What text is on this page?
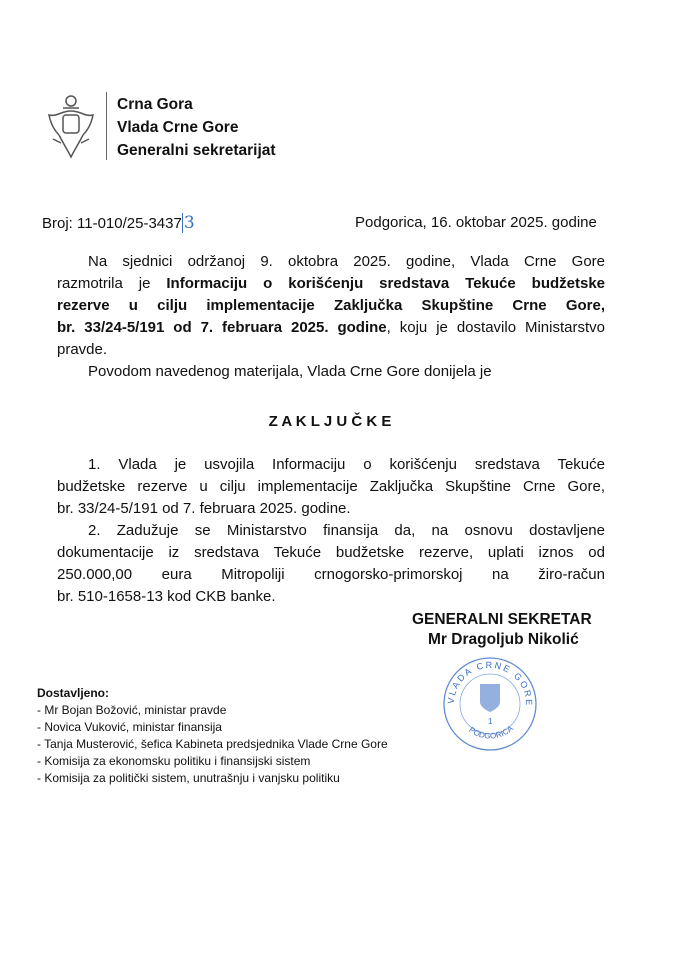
Crna Gora
Vlada Crne Gore
Generalni sekretarijat
Broj: 11-010/25-3437 3	Podgorica, 16. oktobar 2025. godine
Na sjednici održanoj 9. oktobra 2025. godine, Vlada Crne Gore
razmotrila je Informaciju o korišćenju sredstava Tekuće budžetske
rezerve u cilju implementacije Zaključka Skupštine Crne Gore,
br. 33/24-5/191 od 7. februara 2025. godine, koju je dostavilo Ministarstvo
pravde.
Povodom navedenog materijala, Vlada Crne Gore donijela je
Z A K L J U Č K E
1. Vlada je usvojila Informaciju o korišćenju sredstava Tekuće
budžetske rezerve u cilju implementacije Zaključka Skupštine Crne Gore,
br. 33/24-5/191 od 7. februara 2025. godine.
2. Zadužuje se Ministarstvo finansija da, na osnovu dostavljene
dokumentacije iz sredstava Tekuće budžetske rezerve, uplati iznos od
250.000,00 eura Mitropoliji crnogorsko-primorskoj na žiro-račun
br. 510-1658-13 kod CKB banke.
GENERALNI SEKRETAR
Mr Dragoljub Nikolić
VLADA CRNE GORE
PODGORICA
1
Dostavljeno:
- Mr Bojan Božović, ministar pravde
- Novica Vuković, ministar finansija
- Tanja Musterović, šefica Kabineta predsjednika Vlade Crne Gore
- Komisija za ekonomsku politiku i finansijski sistem
- Komisija za politički sistem, unutrašnju i vanjsku politiku
